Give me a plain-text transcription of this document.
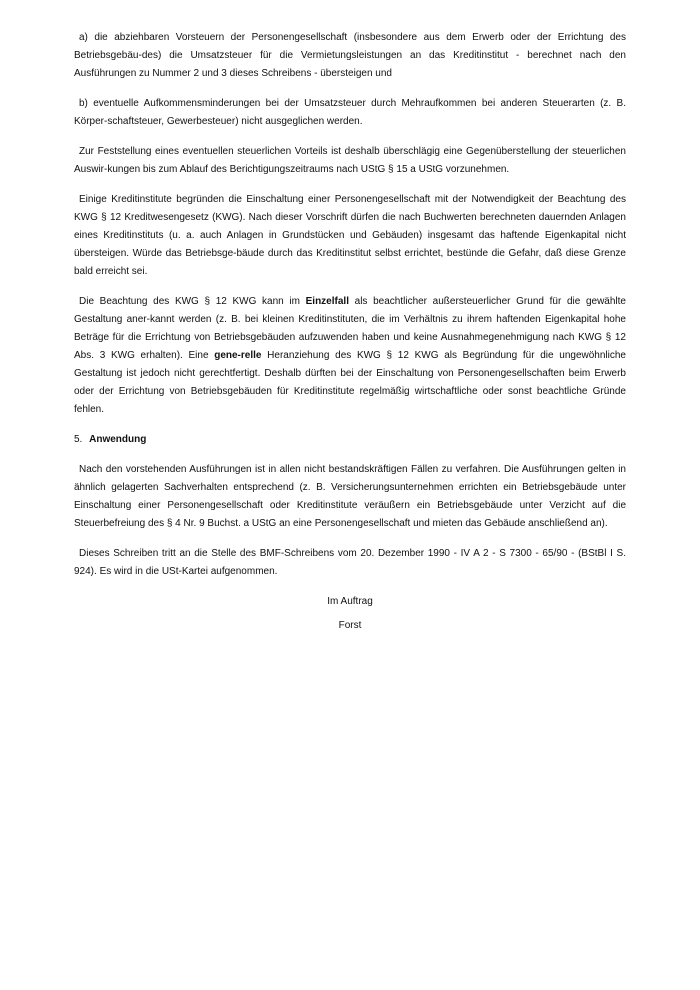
a) die abziehbaren Vorsteuern der Personengesellschaft (insbesondere aus dem Erwerb oder der Errichtung des Betriebsgebäu-des) die Umsatzsteuer für die Vermietungsleistungen an das Kreditinstitut - berechnet nach den Ausführungen zu Nummer 2 und 3 dieses Schreibens - übersteigen und

b) eventuelle Aufkommensminderungen bei der Umsatzsteuer durch Mehraufkommen bei anderen Steuerarten (z. B. Körper-schaftsteuer, Gewerbesteuer) nicht ausgeglichen werden.

Zur Feststellung eines eventuellen steuerlichen Vorteils ist deshalb überschlägig eine Gegenüberstellung der steuerlichen Auswir-kungen bis zum Ablauf des Berichtigungszeitraums nach UStG § 15 a UStG vorzunehmen.

Einige Kreditinstitute begründen die Einschaltung einer Personengesellschaft mit der Notwendigkeit der Beachtung des KWG § 12 Kreditwesengesetz (KWG). Nach dieser Vorschrift dürfen die nach Buchwerten berechneten dauernden Anlagen eines Kreditinstituts (u. a. auch Anlagen in Grundstücken und Gebäuden) insgesamt das haftende Eigenkapital nicht übersteigen. Würde das Betriebsge-bäude durch das Kreditinstitut selbst errichtet, bestünde die Gefahr, daß diese Grenze bald erreicht sei.

Die Beachtung des KWG § 12 KWG kann im Einzelfall als beachtlicher außersteuerlicher Grund für die gewählte Gestaltung aner-kannt werden (z. B. bei kleinen Kreditinstituten, die im Verhältnis zu ihrem haftenden Eigenkapital hohe Beträge für die Errichtung von Betriebsgebäuden aufzuwenden haben und keine Ausnahmegenehmigung nach KWG § 12 Abs. 3 KWG erhalten). Eine gene-relle Heranziehung des KWG § 12 KWG als Begründung für die ungewöhnliche Gestaltung ist jedoch nicht gerechtfertigt. Deshalb dürften bei der Einschaltung von Personengesellschaften beim Erwerb oder der Errichtung von Betriebsgebäuden für Kreditinstitute regelmäßig wirtschaftliche oder sonst beachtliche Gründe fehlen.

5. Anwendung

Nach den vorstehenden Ausführungen ist in allen nicht bestandskräftigen Fällen zu verfahren. Die Ausführungen gelten in ähnlich gelagerten Sachverhalten entsprechend (z. B. Versicherungsunternehmen errichten ein Betriebsgebäude unter Einschaltung einer Personengesellschaft oder Kreditinstitute veräußern ein Betriebsgebäude unter Verzicht auf die Steuerbefreiung des § 4 Nr. 9 Buchst. a UStG an eine Personengesellschaft und mieten das Gebäude anschließend an).

Dieses Schreiben tritt an die Stelle des BMF-Schreibens vom 20. Dezember 1990 - IV A 2 - S 7300 - 65/90 - (BStBl I S. 924). Es wird in die USt-Kartei aufgenommen.

Im Auftrag

Forst
